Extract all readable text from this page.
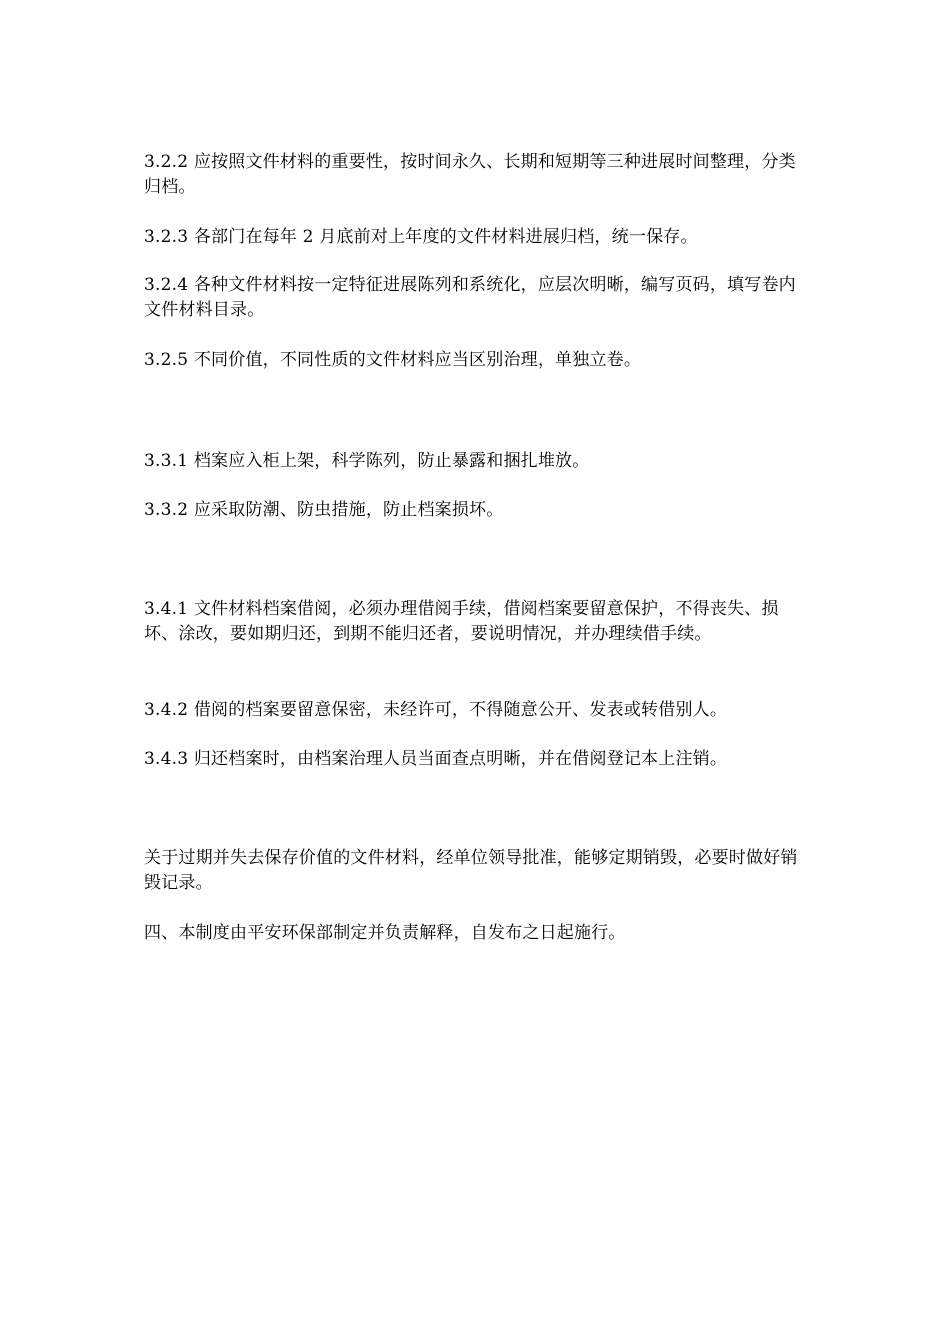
3.2.2 应按照文件材料的重要性，按时间永久、长期和短期等三种进展时间整理，分类归档。

3.2.3 各部门在每年 2 月底前对上年度的文件材料进展归档，统一保存。

3.2.4 各种文件材料按一定特征进展陈列和系统化，应层次明晰，编写页码，填写卷内文件材料目录。

3.2.5 不同价值，不同性质的文件材料应当区别治理，单独立卷。

3.3.1 档案应入柜上架，科学陈列，防止暴露和捆扎堆放。

3.3.2 应采取防潮、防虫措施，防止档案损坏。

3.4.1 文件材料档案借阅，必须办理借阅手续，借阅档案要留意保护，不得丧失、损坏、涂改，要如期归还，到期不能归还者，要说明情况，并办理续借手续。

3.4.2 借阅的档案要留意保密，未经许可，不得随意公开、发表或转借别人。

3.4.3 归还档案时，由档案治理人员当面查点明晰，并在借阅登记本上注销。

关于过期并失去保存价值的文件材料，经单位领导批准，能够定期销毁，必要时做好销毁记录。

四、本制度由平安环保部制定并负责解释，自发布之日起施行。
